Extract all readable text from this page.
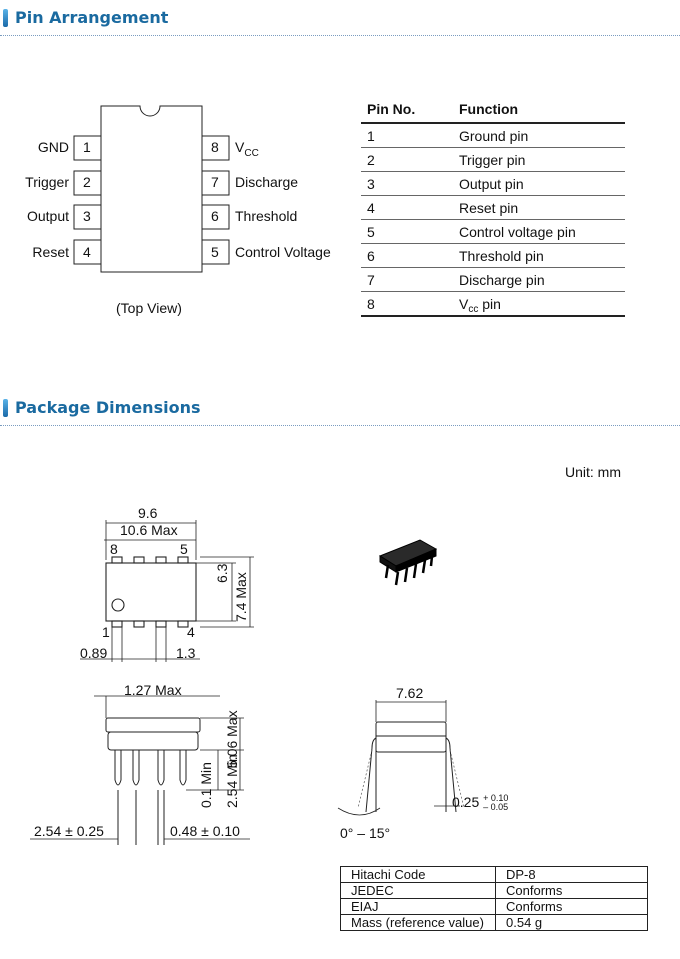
Pin Arrangement
Package Dimensions
GND
Trigger
Output
Reset
1
2
3
4
8
7
6
5
$V_{CC}$
Discharge
Threshold
Control Voltage
(Top View)
Pin No.	Function
1	Ground pin
2	Trigger pin
3	Output pin
4	Reset pin
5	Control voltage pin
6	Threshold pin
7	Discharge pin
8	$V_{cc}$ pin
Unit: mm
9.6
10.6 Max
8	5
1	4
6.3 7.4 Max
0.89	1.3
1.27 Max
5.06 Max
0.1 Min 2.54 Min
2.54 ± 0.25	0.48 ± 0.10
7.62
0° – 15°
0.25 + 0.10
– 0.05
Hitachi Code	DP-8
JEDEC	Conforms
EIAJ	Conforms
Mass (reference value)	0.54 g
